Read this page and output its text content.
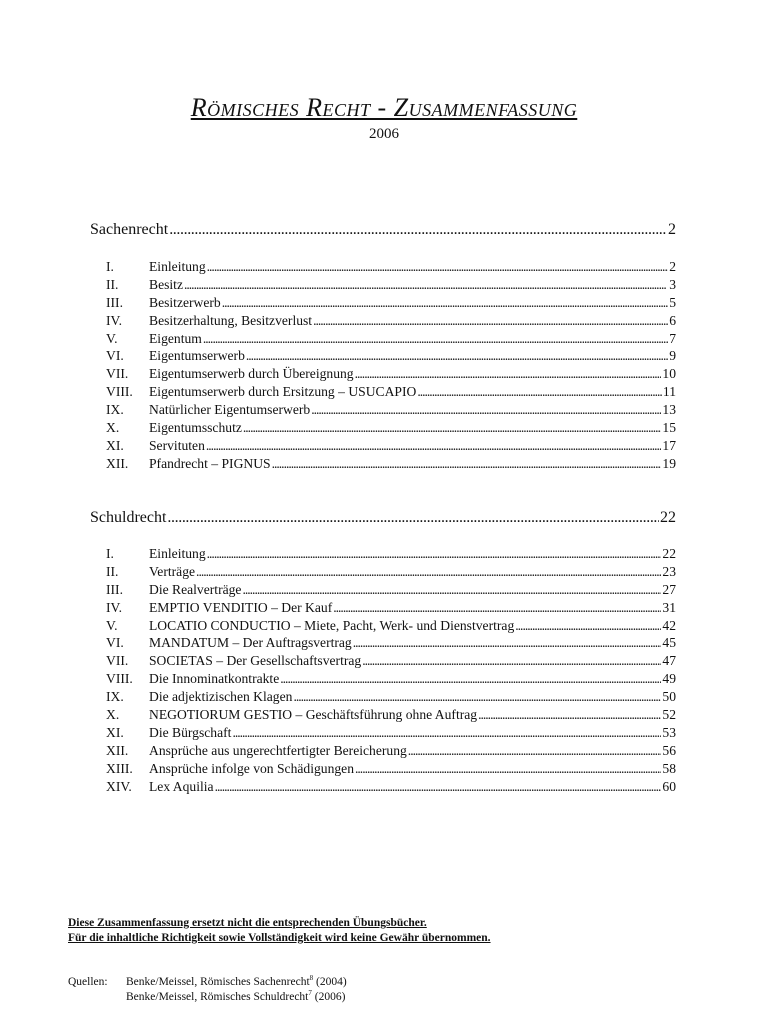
Römisches Recht - Zusammenfassung
2006
Sachenrecht . . .	2
I.	Einleitung . . .	2
II.	Besitz . . .	3
III.	Besitzerwerb . . .	5
IV.	Besitzerhaltung, Besitzverlust . . .	6
V.	Eigentum . . .	7
VI.	Eigentumserwerb . . .	9
VII.	Eigentumserwerb durch Übereignung . . .	10
VIII.	Eigentumserwerb durch Ersitzung – USUCAPIO . . .	11
IX.	Natürlicher Eigentumserwerb . . .	13
X.	Eigentumsschutz . . .	15
XI.	Servituten . . .	17
XII.	Pfandrecht – PIGNUS . . .	19
Schuldrecht . . .	22
I.	Einleitung . . .	22
II.	Verträge . . .	23
III.	Die Realverträge . . .	27
IV.	EMPTIO VENDITIO – Der Kauf . . .	31
V.	LOCATIO CONDUCTIO – Miete, Pacht, Werk- und Dienstvertrag . . .	42
VI.	MANDATUM – Der Auftragsvertrag . . .	45
VII.	SOCIETAS – Der Gesellschaftsvertrag . . .	47
VIII.	Die Innominatkontrakte . . .	49
IX.	Die adjektizischen Klagen . . .	50
X.	NEGOTIORUM GESTIO – Geschäftsführung ohne Auftrag . . .	52
XI.	Die Bürgschaft . . .	53
XII.	Ansprüche aus ungerechtfertigter Bereicherung . . .	56
XIII.	Ansprüche infolge von Schädigungen . . .	58
XIV.	Lex Aquilia . . .	60
Diese Zusammenfassung ersetzt nicht die entsprechenden Übungsbücher.
Für die inhaltliche Richtigkeit sowie Vollständigkeit wird keine Gewähr übernommen.
Quellen: Benke/Meissel, Römisches Sachenrecht$^8$ (2004)
Benke/Meissel, Römisches Schuldrecht$^7$ (2006)
